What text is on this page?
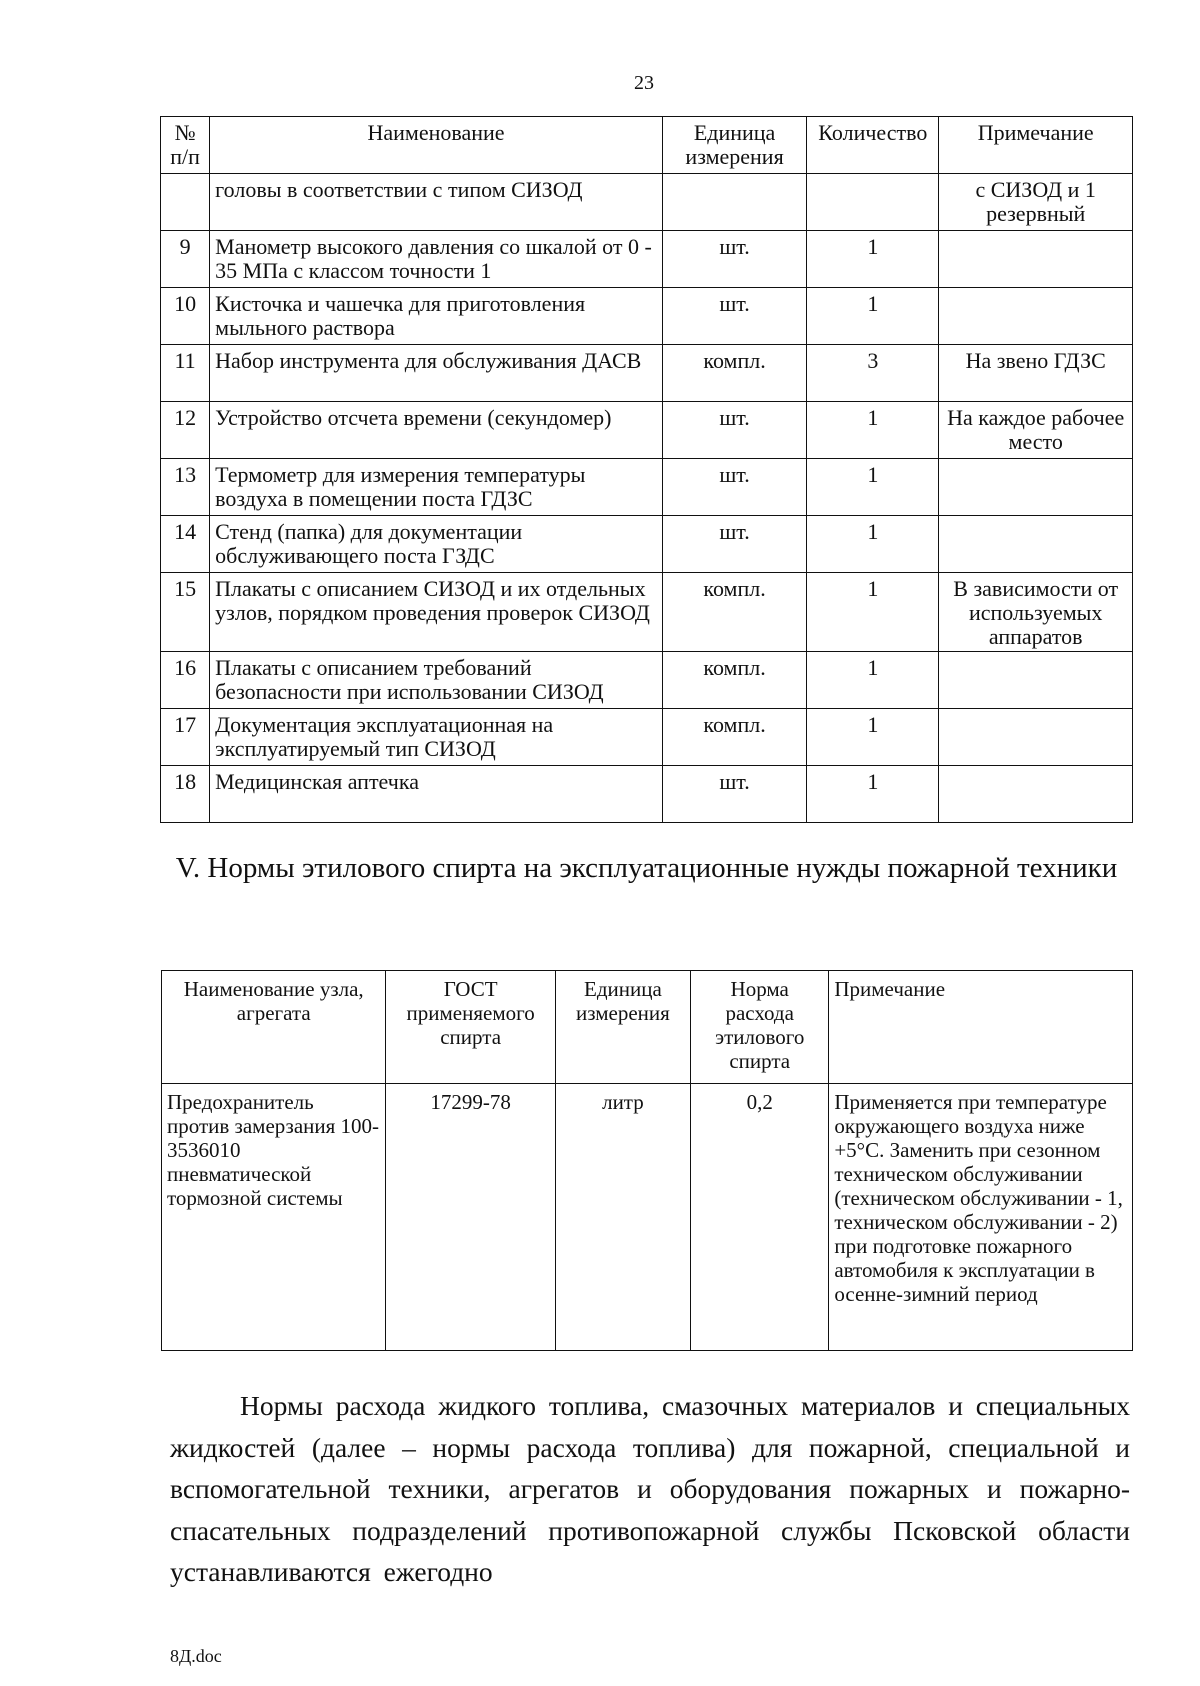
23
№ п/п	Наименование	Единица измерения	Количество	Примечание
	головы в соответствии с типом СИЗОД			с СИЗОД и 1 резервный
9	Манометр высокого давления со шкалой от 0 - 35 МПа с классом точности 1	шт.	1	
10	Кисточка и чашечка для приготовления мыльного раствора	шт.	1	
11	Набор инструмента для обслуживания ДАСВ	компл.	3	На звено ГДЗС
12	Устройство отсчета времени (секундомер)	шт.	1	На каждое рабочее место
13	Термометр для измерения температуры воздуха в помещении поста ГДЗС	шт.	1	
14	Стенд (папка) для документации обслуживающего поста ГЗДС	шт.	1	
15	Плакаты с описанием СИЗОД и их отдельных узлов, порядком проведения проверок СИЗОД	компл.	1	В зависимости от используемых аппаратов
16	Плакаты с описанием требований безопасности при использовании СИЗОД	компл.	1	
17	Документация эксплуатационная на эксплуатируемый тип СИЗОД	компл.	1	
18	Медицинская аптечка	шт.	1	
V. Нормы этилового спирта на эксплуатационные нужды пожарной техники
Наименование узла, агрегата	ГОСТ применяемого спирта	Единица измерения	Норма расхода этилового спирта	Примечание
Предохранитель против замерзания 100-3536010 пневматической тормозной системы	17299-78	литр	0,2	Применяется при температуре окружающего воздуха ниже +5°С. Заменить при сезонном техническом обслуживании (техническом обслуживании - 1, техническом обслуживании - 2) при подготовке пожарного автомобиля к эксплуатации в осенне-зимний период
Нормы расхода жидкого топлива, смазочных материалов и специальных жидкостей (далее – нормы расхода топлива) для пожарной, специальной и вспомогательной техники, агрегатов и оборудования пожарных и пожарно-спасательных подразделений противопожарной службы Псковской области устанавливаются ежегодно
8Д.doc
